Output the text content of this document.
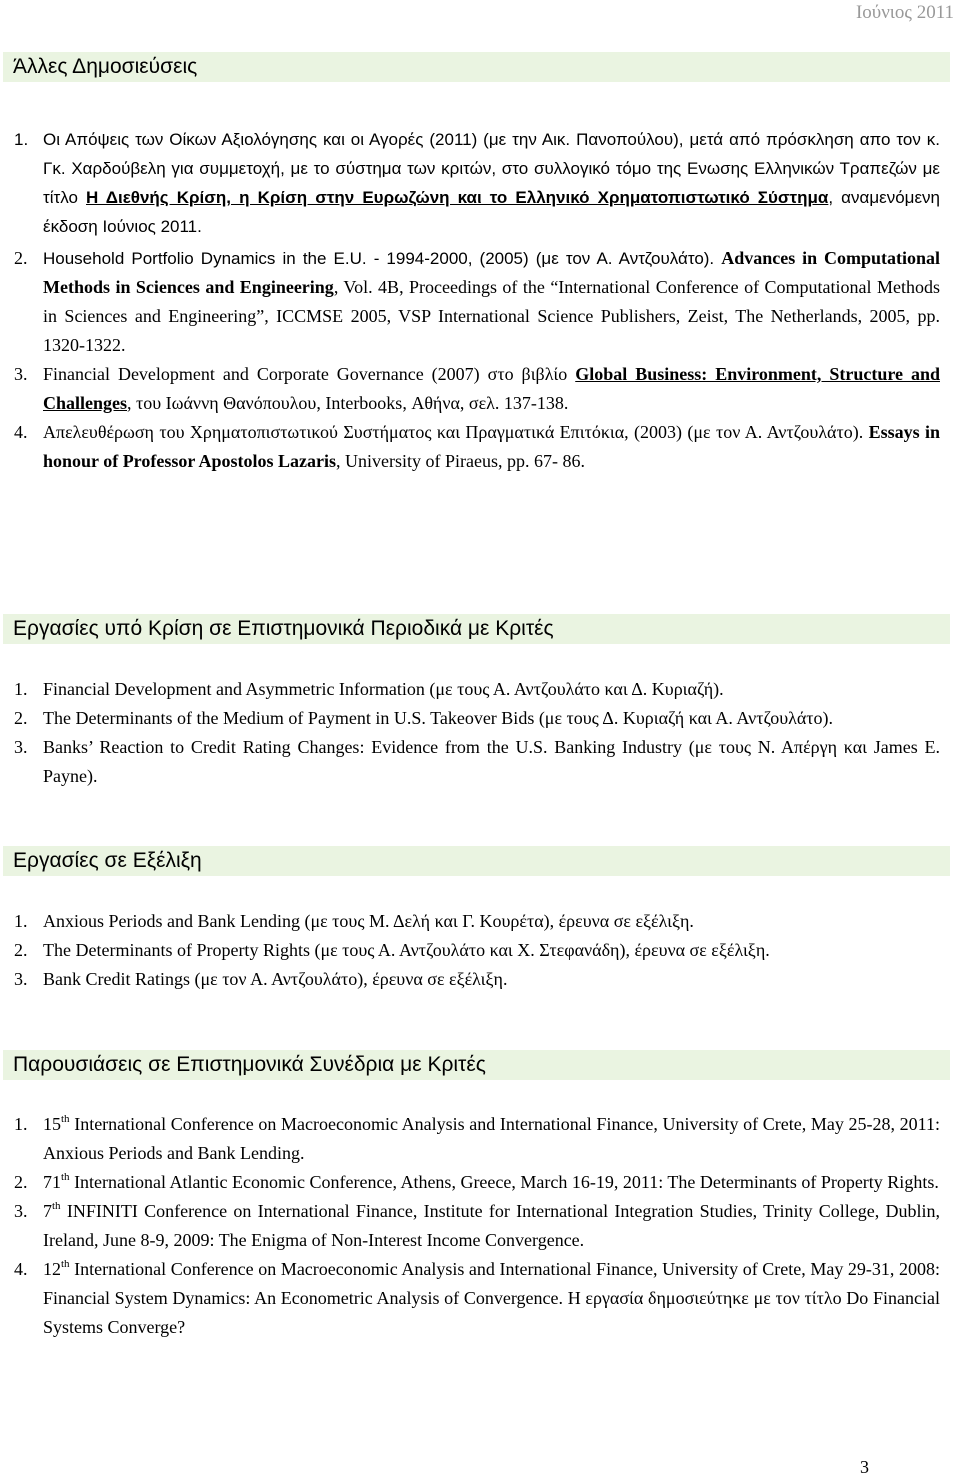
Ιούνιος 2011
Άλλες Δημοσιεύσεις
1. Οι Απόψεις των Οίκων Αξιολόγησης και οι Αγορές (2011) (με την Αικ. Πανοπούλου), μετά από πρόσκληση απο τον κ. Γκ. Χαρδούβελη για συμμετοχή, με το σύστημα των κριτών, στο συλλογικό τόμο της Ενωσης Ελληνικών Τραπεζών με τίτλο Η Διεθνής Κρίση, η Κρίση στην Ευρωζώνη και το Ελληνικό Χρηματοπιστωτικό Σύστημα, αναμενόμενη έκδοση Ιούνιος 2011.
2. Household Portfolio Dynamics in the E.U. - 1994-2000, (2005) (με τον Α. Αντζουλάτο). Advances in Computational Methods in Sciences and Engineering, Vol. 4B, Proceedings of the “International Conference of Computational Methods in Sciences and Engineering”, ICCMSE 2005, VSP International Science Publishers, Zeist, The Netherlands, 2005, pp. 1320-1322.
3. Financial Development and Corporate Governance (2007) στο βιβλίο Global Business: Environment, Structure and Challenges, του Ιωάννη Θανόπουλου, Interbooks, Αθήνα, σελ. 137-138.
4. Απελευθέρωση του Χρηματοπιστωτικού Συστήματος και Πραγματικά Επιτόκια, (2003) (με τον Α. Αντζουλάτο). Essays in honour of Professor Apostolos Lazaris, University of Piraeus, pp. 67- 86.
Εργασίες υπό Κρίση σε Επιστημονικά Περιοδικά με Κριτές
1. Financial Development and Asymmetric Information (με τους Α. Αντζουλάτο και Δ. Κυριαζή).
2. The Determinants of the Medium of Payment in U.S. Takeover Bids (με τους Δ. Κυριαζή και Α. Αντζουλάτο).
3. Banks’ Reaction to Credit Rating Changes: Evidence from the U.S. Banking Industry (με τους Ν. Απέργη και James E. Payne).
Εργασίες σε Εξέλιξη
1. Anxious Periods and Bank Lending (με τους Μ. Δελή και Γ. Κουρέτα), έρευνα σε εξέλιξη.
2. The Determinants of Property Rights (με τους Α. Αντζουλάτο και Χ. Στεφανάδη), έρευνα σε εξέλιξη.
3. Bank Credit Ratings (με τον Α. Αντζουλάτο), έρευνα σε εξέλιξη.
Παρουσιάσεις σε Επιστημονικά Συνέδρια με Κριτές
1. 15th International Conference on Macroeconomic Analysis and International Finance, University of Crete, May 25-28, 2011: Anxious Periods and Bank Lending.
2. 71th International Atlantic Economic Conference, Athens, Greece, March 16-19, 2011: The Determinants of Property Rights.
3. 7th INFINITI Conference on International Finance, Institute for International Integration Studies, Trinity College, Dublin, Ireland, June 8-9, 2009: The Enigma of Non-Interest Income Convergence.
4. 12th International Conference on Macroeconomic Analysis and International Finance, University of Crete, May 29-31, 2008: Financial System Dynamics: An Econometric Analysis of Convergence. Η εργασία δημοσιεύτηκε με τον τίτλο Do Financial Systems Converge?
3
